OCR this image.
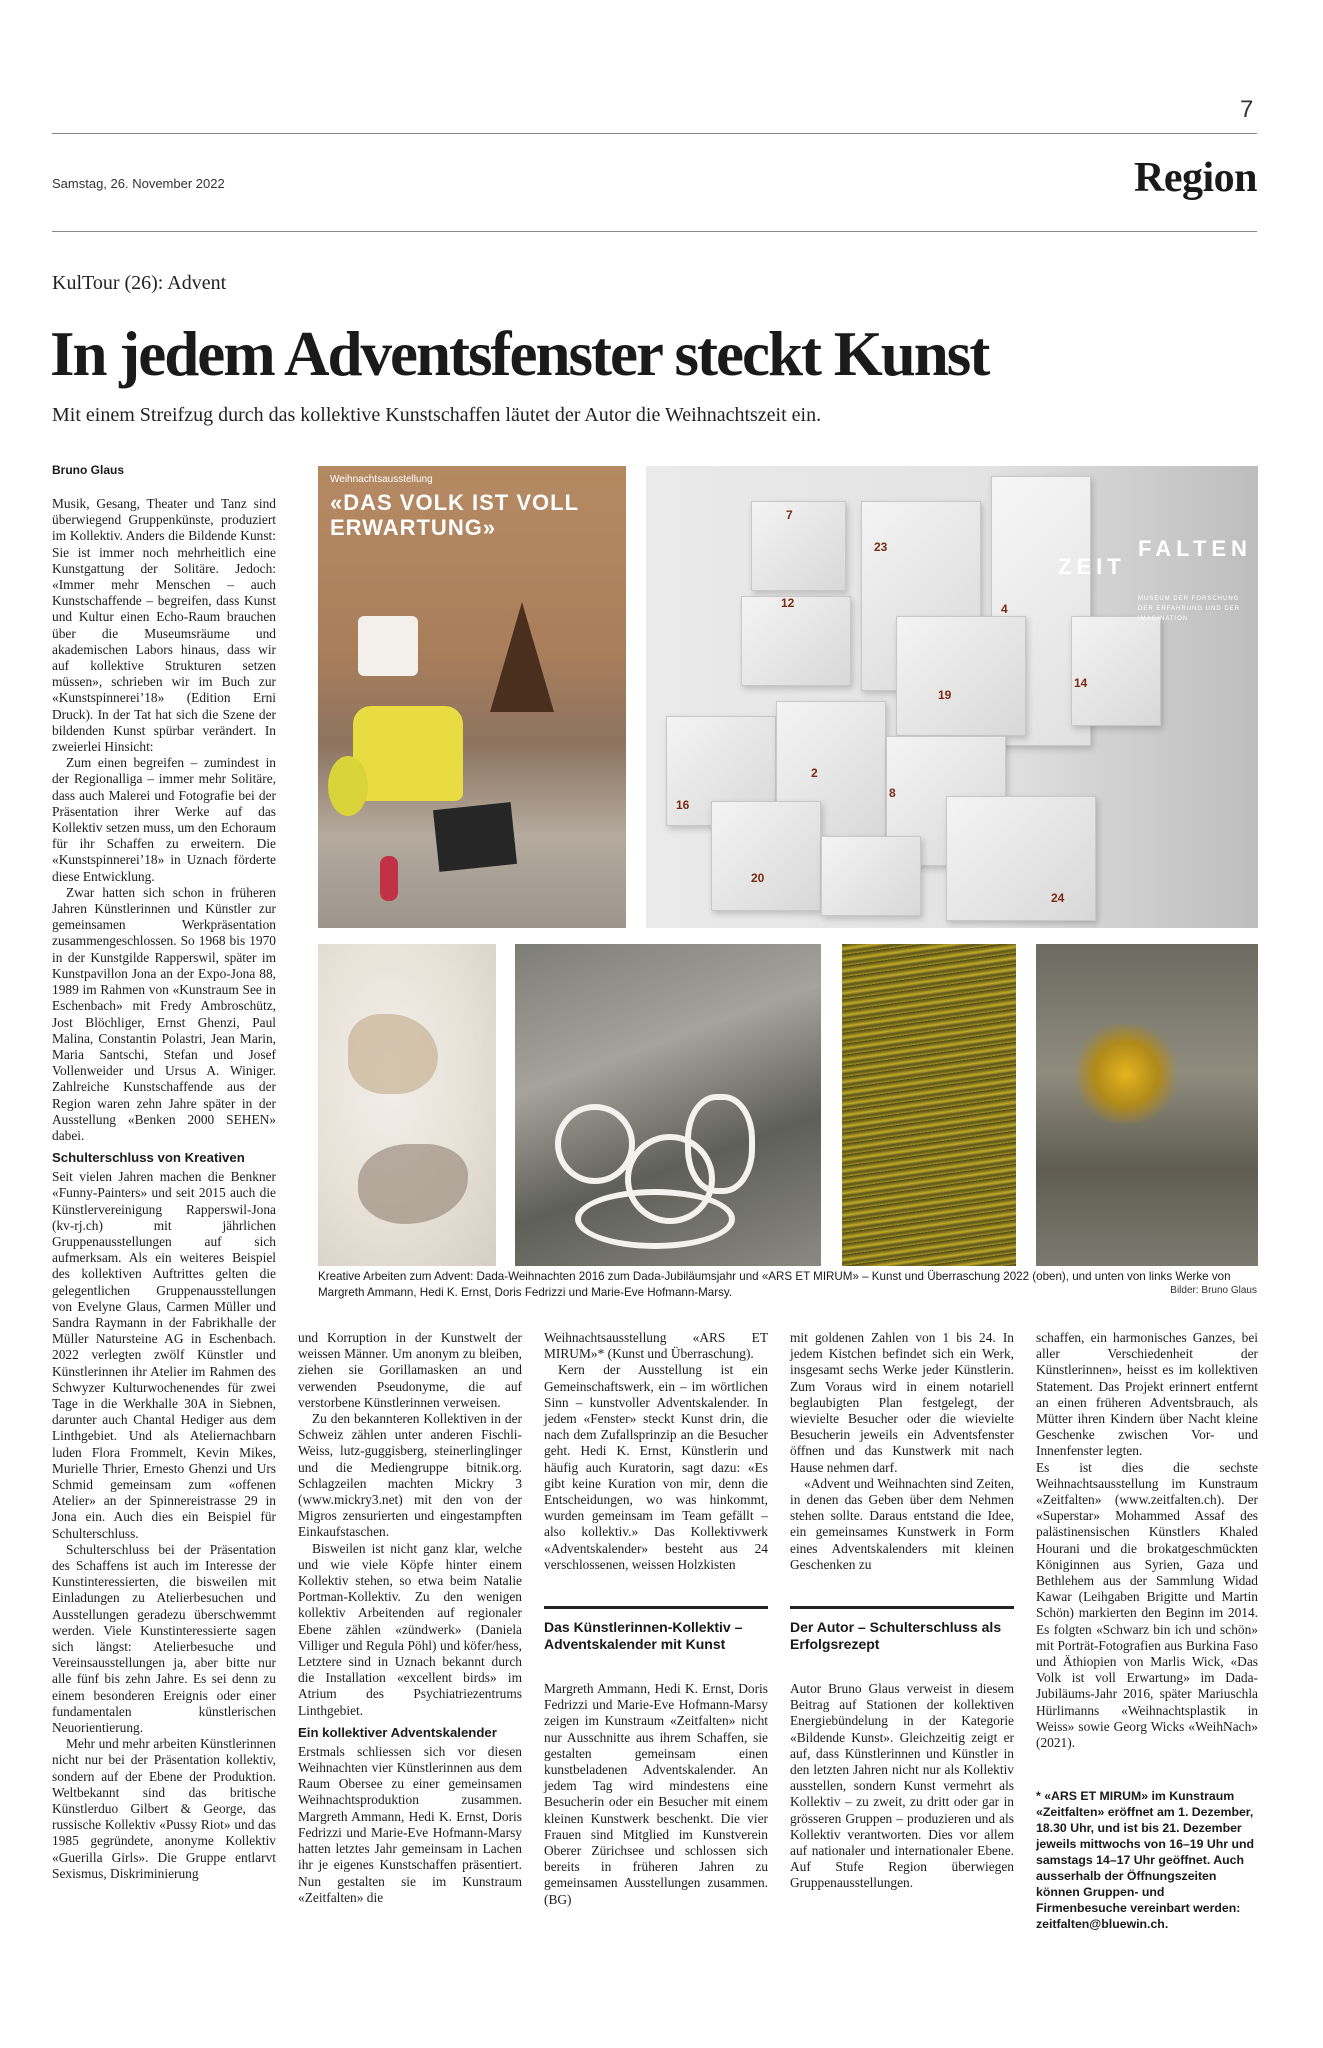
7
Samstag, 26. November 2022	Region
KulTour (26): Advent
In jedem Adventsfenster steckt Kunst
Mit einem Streifzug durch das kollektive Kunstschaffen läutet der Autor die Weihnachtszeit ein.
Bruno Glaus
Weihnachtsausstellung
«DAS VOLK IST VOLL ERWARTUNG»	7
23
12	4
14
19
2
16
8
20
24
ZEIT
FALTEN
MUSEUM DER FORSCHUNG DER ERFAHRUNG UND DER IMAGINATION
Kreative Arbeiten zum Advent: Dada-Weihnachten 2016 zum Dada-Jubiläumsjahr und «ARS ET MIRUM» – Kunst und Überraschung 2022 (oben), und unten von links Werke von Margreth Ammann, Hedi K. Ernst, Doris Fedrizzi und Marie-Eve Hofmann-Marsy.	Bilder: Bruno Glaus

Musik, Gesang, Theater und Tanz sind überwiegend Gruppenkünste, produziert im Kollektiv. Anders die Bildende Kunst: Sie ist immer noch mehrheitlich eine Kunstgattung der Solitäre. Jedoch: «Immer mehr Menschen – auch Kunstschaffende – begreifen, dass Kunst und Kultur einen Echo-Raum brauchen über die Museumsräume und akademischen Labors hinaus, dass wir auf kollektive Strukturen setzen müssen», schrieben wir im Buch zur «Kunstspinnerei’18» (Edition Erni Druck). In der Tat hat sich die Szene der bildenden Kunst spürbar verändert. In zweierlei Hinsicht:

Zum einen begreifen – zumindest in der Regionalliga – immer mehr Solitäre, dass auch Malerei und Fotografie bei der Präsentation ihrer Werke auf das Kollektiv setzen muss, um den Echoraum für ihr Schaffen zu erweitern. Die «Kunstspinnerei’18» in Uznach förderte diese Entwicklung.

Zwar hatten sich schon in früheren Jahren Künstlerinnen und Künstler zur gemeinsamen Werkpräsentation zusammengeschlossen. So 1968 bis 1970 in der Kunstgilde Rapperswil, später im Kunstpavillon Jona an der Expo-Jona 88, 1989 im Rahmen von «Kunstraum See in Eschenbach» mit Fredy Ambroschütz, Jost Blöchliger, Ernst Ghenzi, Paul Malina, Constantin Polastri, Jean Marin, Maria Santschi, Stefan und Josef Vollenweider und Ursus A. Winiger. Zahlreiche Kunstschaffende aus der Region waren zehn Jahre später in der Ausstellung «Benken 2000 SEHEN» dabei.

Schulterschluss von Kreativen

Seit vielen Jahren machen die Benkner «Funny-Painters» und seit 2015 auch die Künstlervereinigung Rapperswil-Jona (kv-rj.ch) mit jährlichen Gruppenausstellungen auf sich aufmerksam. Als ein weiteres Beispiel des kollektiven Auftrittes gelten die gelegentlichen Gruppenausstellungen von Evelyne Glaus, Carmen Müller und Sandra Raymann in der Fabrikhalle der Müller Natursteine AG in Eschenbach. 2022 verlegten zwölf Künstler und Künstlerinnen ihr Atelier im Rahmen des Schwyzer Kulturwochenendes für zwei Tage in die Werkhalle 30A in Siebnen, darunter auch Chantal Hediger aus dem Linthgebiet. Und als Ateliernachbarn luden Flora Frommelt, Kevin Mikes, Murielle Thrier, Ernesto Ghenzi und Urs Schmid gemeinsam zum «offenen Atelier» an der Spinnereistrasse 29 in Jona ein. Auch dies ein Beispiel für Schulterschluss.

Schulterschluss bei der Präsentation des Schaffens ist auch im Interesse der Kunstinteressierten, die bisweilen mit Einladungen zu Atelierbesuchen und Ausstellungen geradezu überschwemmt werden. Viele Kunstinteressierte sagen sich längst: Atelierbesuche und Vereinsausstellungen ja, aber bitte nur alle fünf bis zehn Jahre. Es sei denn zu einem besonderen Ereignis oder einer fundamentalen künstlerischen Neuorientierung.

Mehr und mehr arbeiten Künstlerinnen nicht nur bei der Präsentation kollektiv, sondern auf der Ebene der Produktion. Weltbekannt sind das britische Künstlerduo Gilbert & George, das russische Kollektiv «Pussy Riot» und das 1985 gegründete, anonyme Kollektiv «Guerilla Girls». Die Gruppe entlarvt Sexismus, Diskriminierung

und Korruption in der Kunstwelt der weissen Männer. Um anonym zu bleiben, ziehen sie Gorillamasken an und verwenden Pseudonyme, die auf verstorbene Künstlerinnen verweisen.

Zu den bekannteren Kollektiven in der Schweiz zählen unter anderen Fischli-Weiss, lutz-guggisberg, steinerlinglinger und die Mediengruppe bitnik.org. Schlagzeilen machten Mickry 3 (www.mickry3.net) mit den von der Migros zensurierten und eingestampften Einkaufstaschen.

Bisweilen ist nicht ganz klar, welche und wie viele Köpfe hinter einem Kollektiv stehen, so etwa beim Natalie Portman-Kollektiv. Zu den wenigen kollektiv Arbeitenden auf regionaler Ebene zählen «zündwerk» (Daniela Villiger und Regula Pöhl) und köfer/hess, Letztere sind in Uznach bekannt durch die Installation «excellent birds» im Atrium des Psychiatriezentrums Linthgebiet.

Ein kollektiver Adventskalender

Erstmals schliessen sich vor diesen Weihnachten vier Künstlerinnen aus dem Raum Obersee zu einer gemeinsamen Weihnachtsproduktion zusammen. Margreth Ammann, Hedi K. Ernst, Doris Fedrizzi und Marie-Eve Hofmann-Marsy hatten letztes Jahr gemeinsam in Lachen ihr je eigenes Kunstschaffen präsentiert. Nun gestalten sie im Kunstraum «Zeitfalten» die

Weihnachtsausstellung «ARS ET MIRUM»* (Kunst und Überraschung).

Kern der Ausstellung ist ein Gemeinschaftswerk, ein – im wörtlichen Sinn – kunstvoller Adventskalender. In jedem «Fenster» steckt Kunst drin, die nach dem Zufallsprinzip an die Besucher geht. Hedi K. Ernst, Künstlerin und häufig auch Kuratorin, sagt dazu: «Es gibt keine Kuration von mir, denn die Entscheidungen, wo was hinkommt, wurden gemeinsam im Team gefällt – also kollektiv.» Das Kollektivwerk «Adventskalender» besteht aus 24 verschlossenen, weissen Holzkisten

Das Künstlerinnen-Kollektiv – Adventskalender mit Kunst
Margreth Ammann, Hedi K. Ernst, Doris Fedrizzi und Marie-Eve Hofmann-Marsy zeigen im Kunstraum «Zeitfalten» nicht nur Ausschnitte aus ihrem Schaffen, sie gestalten gemeinsam einen kunstbeladenen Adventskalender. An jedem Tag wird mindestens eine Besucherin oder ein Besucher mit einem kleinen Kunstwerk beschenkt. Die vier Frauen sind Mitglied im Kunstverein Oberer Zürichsee und schlossen sich bereits in früheren Jahren zu gemeinsamen Ausstellungen zusammen. (BG)

mit goldenen Zahlen von 1 bis 24. In jedem Kistchen befindet sich ein Werk, insgesamt sechs Werke jeder Künstlerin. Zum Voraus wird in einem notariell beglaubigten Plan festgelegt, der wievielte Besucher oder die wievielte Besucherin jeweils ein Adventsfenster öffnen und das Kunstwerk mit nach Hause nehmen darf.

«Advent und Weihnachten sind Zeiten, in denen das Geben über dem Nehmen stehen sollte. Daraus entstand die Idee, ein gemeinsames Kunstwerk in Form eines Adventskalenders mit kleinen Geschenken zu

Der Autor – Schulterschluss als Erfolgsrezept
Autor Bruno Glaus verweist in diesem Beitrag auf Stationen der kollektiven Energiebündelung in der Kategorie «Bildende Kunst». Gleichzeitig zeigt er auf, dass Künstlerinnen und Künstler in den letzten Jahren nicht nur als Kollektiv ausstellen, sondern Kunst vermehrt als Kollektiv – zu zweit, zu dritt oder gar in grösseren Gruppen – produzieren und als Kollektiv verantworten. Dies vor allem auf nationaler und internationaler Ebene. Auf Stufe Region überwiegen Gruppenausstellungen.

schaffen, ein harmonisches Ganzes, bei aller Verschiedenheit der Künstlerinnen», heisst es im kollektiven Statement. Das Projekt erinnert entfernt an einen früheren Adventsbrauch, als Mütter ihren Kindern über Nacht kleine Geschenke zwischen Vor- und Innenfenster legten.

Es ist dies die sechste Weihnachtsausstellung im Kunstraum «Zeitfalten» (www.zeitfalten.ch). Der «Superstar» Mohammed Assaf des palästinensischen Künstlers Khaled Hourani und die brokatgeschmückten Königinnen aus Syrien, Gaza und Bethlehem aus der Sammlung Widad Kawar (Leihgaben Brigitte und Martin Schön) markierten den Beginn im 2014. Es folgten «Schwarz bin ich und schön» mit Porträt-Fotografien aus Burkina Faso und Äthiopien von Marlis Wick, «Das Volk ist voll Erwartung» im Dada-Jubiläums-Jahr 2016, später Mariuschla Hürlimanns «Weihnachtsplastik in Weiss» sowie Georg Wicks «WeihNach» (2021).

* «ARS ET MIRUM» im Kunstraum «Zeitfalten» eröffnet am 1. Dezember, 18.30 Uhr, und ist bis 21. Dezember jeweils mittwochs von 16–19 Uhr und samstags 14–17 Uhr geöffnet. Auch ausserhalb der Öffnungszeiten können Gruppen- und Firmenbesuche vereinbart werden: zeitfalten@bluewin.ch.
